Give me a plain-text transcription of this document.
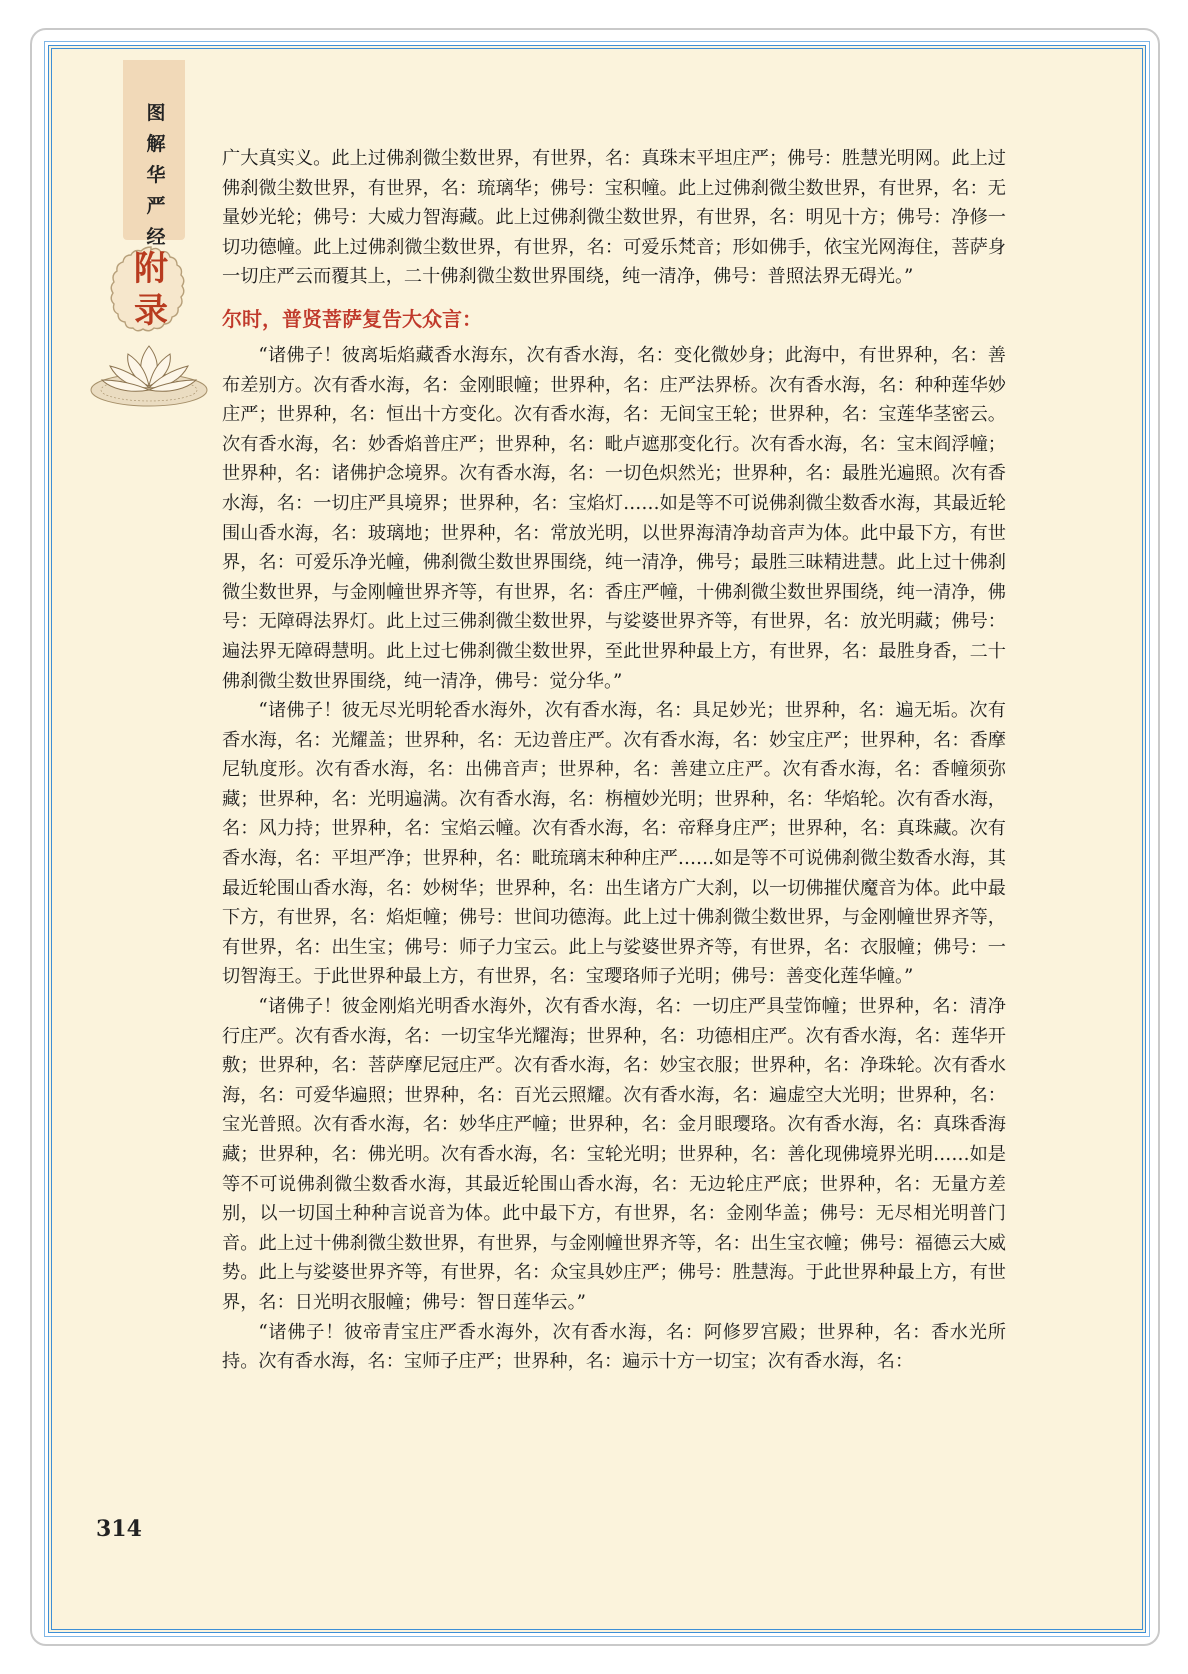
图解华严经
附
录

广大真实义。此上过佛刹微尘数世界，有世界，名：真珠末平坦庄严；佛号：胜慧光明网。此上过佛刹微尘数世界，有世界，名：琉璃华；佛号：宝积幢。此上过佛刹微尘数世界，有世界，名：无量妙光轮；佛号：大威力智海藏。此上过佛刹微尘数世界，有世界，名：明见十方；佛号：净修一切功德幢。此上过佛刹微尘数世界，有世界，名：可爱乐梵音；形如佛手，依宝光网海住，菩萨身一切庄严云而覆其上，二十佛刹微尘数世界围绕，纯一清净，佛号：普照法界无碍光。”

尔时，普贤菩萨复告大众言：

“诸佛子！彼离垢焰藏香水海东，次有香水海，名：变化微妙身；此海中，有世界种，名：善布差别方。次有香水海，名：金刚眼幢；世界种，名：庄严法界桥。次有香水海，名：种种莲华妙庄严；世界种，名：恒出十方变化。次有香水海，名：无间宝王轮；世界种，名：宝莲华茎密云。次有香水海，名：妙香焰普庄严；世界种，名：毗卢遮那变化行。次有香水海，名：宝末阎浮幢；世界种，名：诸佛护念境界。次有香水海，名：一切色炽然光；世界种，名：最胜光遍照。次有香水海，名：一切庄严具境界；世界种，名：宝焰灯……如是等不可说佛刹微尘数香水海，其最近轮围山香水海，名：玻璃地；世界种，名：常放光明，以世界海清净劫音声为体。此中最下方，有世界，名：可爱乐净光幢，佛刹微尘数世界围绕，纯一清净，佛号；最胜三昧精进慧。此上过十佛刹微尘数世界，与金刚幢世界齐等，有世界，名：香庄严幢，十佛刹微尘数世界围绕，纯一清净，佛号：无障碍法界灯。此上过三佛刹微尘数世界，与娑婆世界齐等，有世界，名：放光明藏；佛号：遍法界无障碍慧明。此上过七佛刹微尘数世界，至此世界种最上方，有世界，名：最胜身香，二十佛刹微尘数世界围绕，纯一清净，佛号：觉分华。”

“诸佛子！彼无尽光明轮香水海外，次有香水海，名：具足妙光；世界种，名：遍无垢。次有香水海，名：光耀盖；世界种，名：无边普庄严。次有香水海，名：妙宝庄严；世界种，名：香摩尼轨度形。次有香水海，名：出佛音声；世界种，名：善建立庄严。次有香水海，名：香幢须弥藏；世界种，名：光明遍满。次有香水海，名：栴檀妙光明；世界种，名：华焰轮。次有香水海，名：风力持；世界种，名：宝焰云幢。次有香水海，名：帝释身庄严；世界种，名：真珠藏。次有香水海，名：平坦严净；世界种，名：毗琉璃末种种庄严……如是等不可说佛刹微尘数香水海，其最近轮围山香水海，名：妙树华；世界种，名：出生诸方广大刹，以一切佛摧伏魔音为体。此中最下方，有世界，名：焰炬幢；佛号：世间功德海。此上过十佛刹微尘数世界，与金刚幢世界齐等，有世界，名：出生宝；佛号：师子力宝云。此上与娑婆世界齐等，有世界，名：衣服幢；佛号：一切智海王。于此世界种最上方，有世界，名：宝璎珞师子光明；佛号：善变化莲华幢。”

“诸佛子！彼金刚焰光明香水海外，次有香水海，名：一切庄严具莹饰幢；世界种，名：清净行庄严。次有香水海，名：一切宝华光耀海；世界种，名：功德相庄严。次有香水海，名：莲华开敷；世界种，名：菩萨摩尼冠庄严。次有香水海，名：妙宝衣服；世界种，名：净珠轮。次有香水海，名：可爱华遍照；世界种，名：百光云照耀。次有香水海，名：遍虚空大光明；世界种，名：宝光普照。次有香水海，名：妙华庄严幢；世界种，名：金月眼璎珞。次有香水海，名：真珠香海藏；世界种，名：佛光明。次有香水海，名：宝轮光明；世界种，名：善化现佛境界光明……如是等不可说佛刹微尘数香水海，其最近轮围山香水海，名：无边轮庄严底；世界种，名：无量方差别，以一切国土种种言说音为体。此中最下方，有世界，名：金刚华盖；佛号：无尽相光明普门音。此上过十佛刹微尘数世界，有世界，与金刚幢世界齐等，名：出生宝衣幢；佛号：福德云大威势。此上与娑婆世界齐等，有世界，名：众宝具妙庄严；佛号：胜慧海。于此世界种最上方，有世界，名：日光明衣服幢；佛号：智日莲华云。”

“诸佛子！彼帝青宝庄严香水海外，次有香水海，名：阿修罗宫殿；世界种，名：香水光所持。次有香水海，名：宝师子庄严；世界种，名：遍示十方一切宝；次有香水海，名：

314
